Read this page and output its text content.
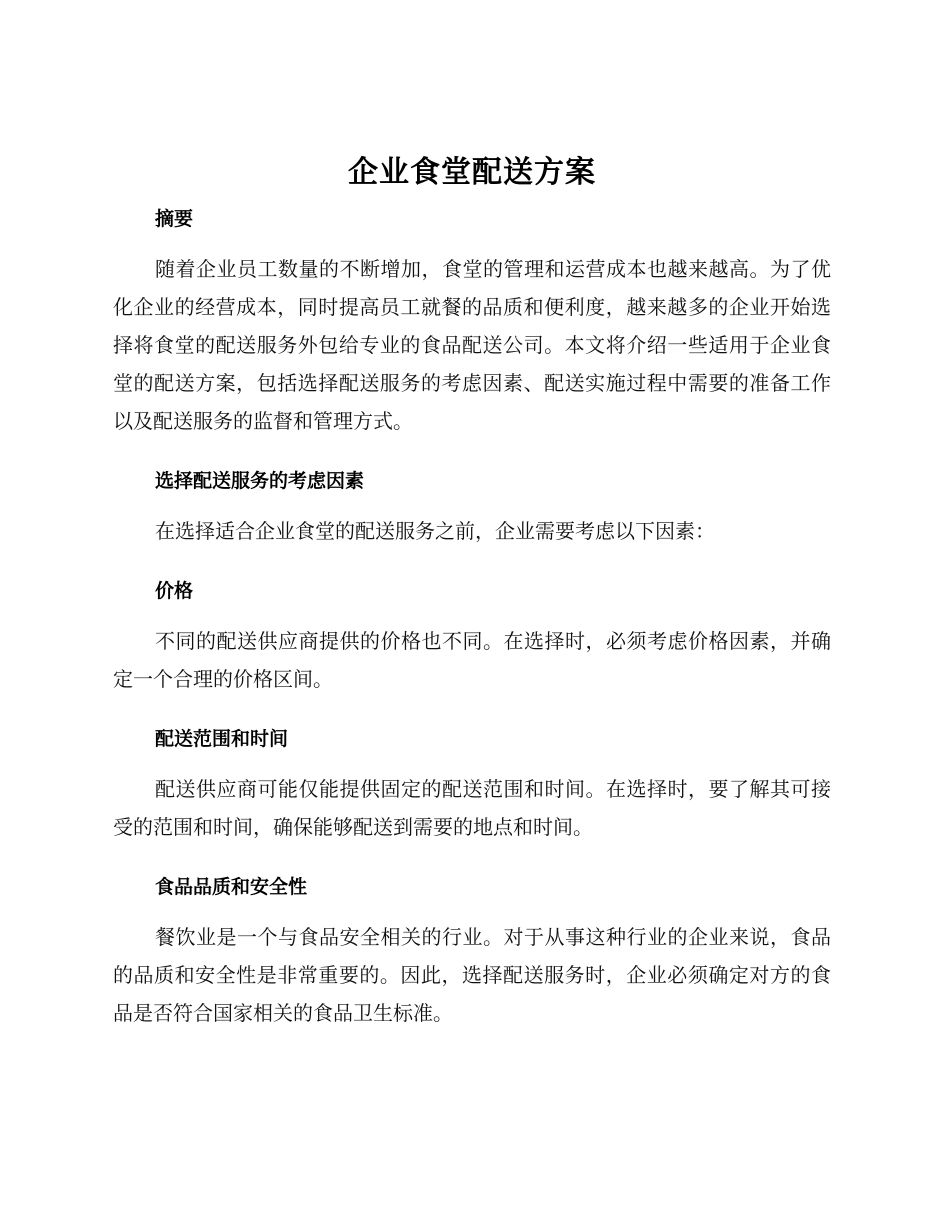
企业食堂配送方案
摘要

随着企业员工数量的不断增加，食堂的管理和运营成本也越来越高。为了优化企业的经营成本，同时提高员工就餐的品质和便利度，越来越多的企业开始选择将食堂的配送服务外包给专业的食品配送公司。本文将介绍一些适用于企业食堂的配送方案，包括选择配送服务的考虑因素、配送实施过程中需要的准备工作以及配送服务的监督和管理方式。

选择配送服务的考虑因素

在选择适合企业食堂的配送服务之前，企业需要考虑以下因素：

价格

不同的配送供应商提供的价格也不同。在选择时，必须考虑价格因素，并确定一个合理的价格区间。

配送范围和时间

配送供应商可能仅能提供固定的配送范围和时间。在选择时，要了解其可接受的范围和时间，确保能够配送到需要的地点和时间。

食品品质和安全性

餐饮业是一个与食品安全相关的行业。对于从事这种行业的企业来说，食品的品质和安全性是非常重要的。因此，选择配送服务时，企业必须确定对方的食品是否符合国家相关的食品卫生标准。
